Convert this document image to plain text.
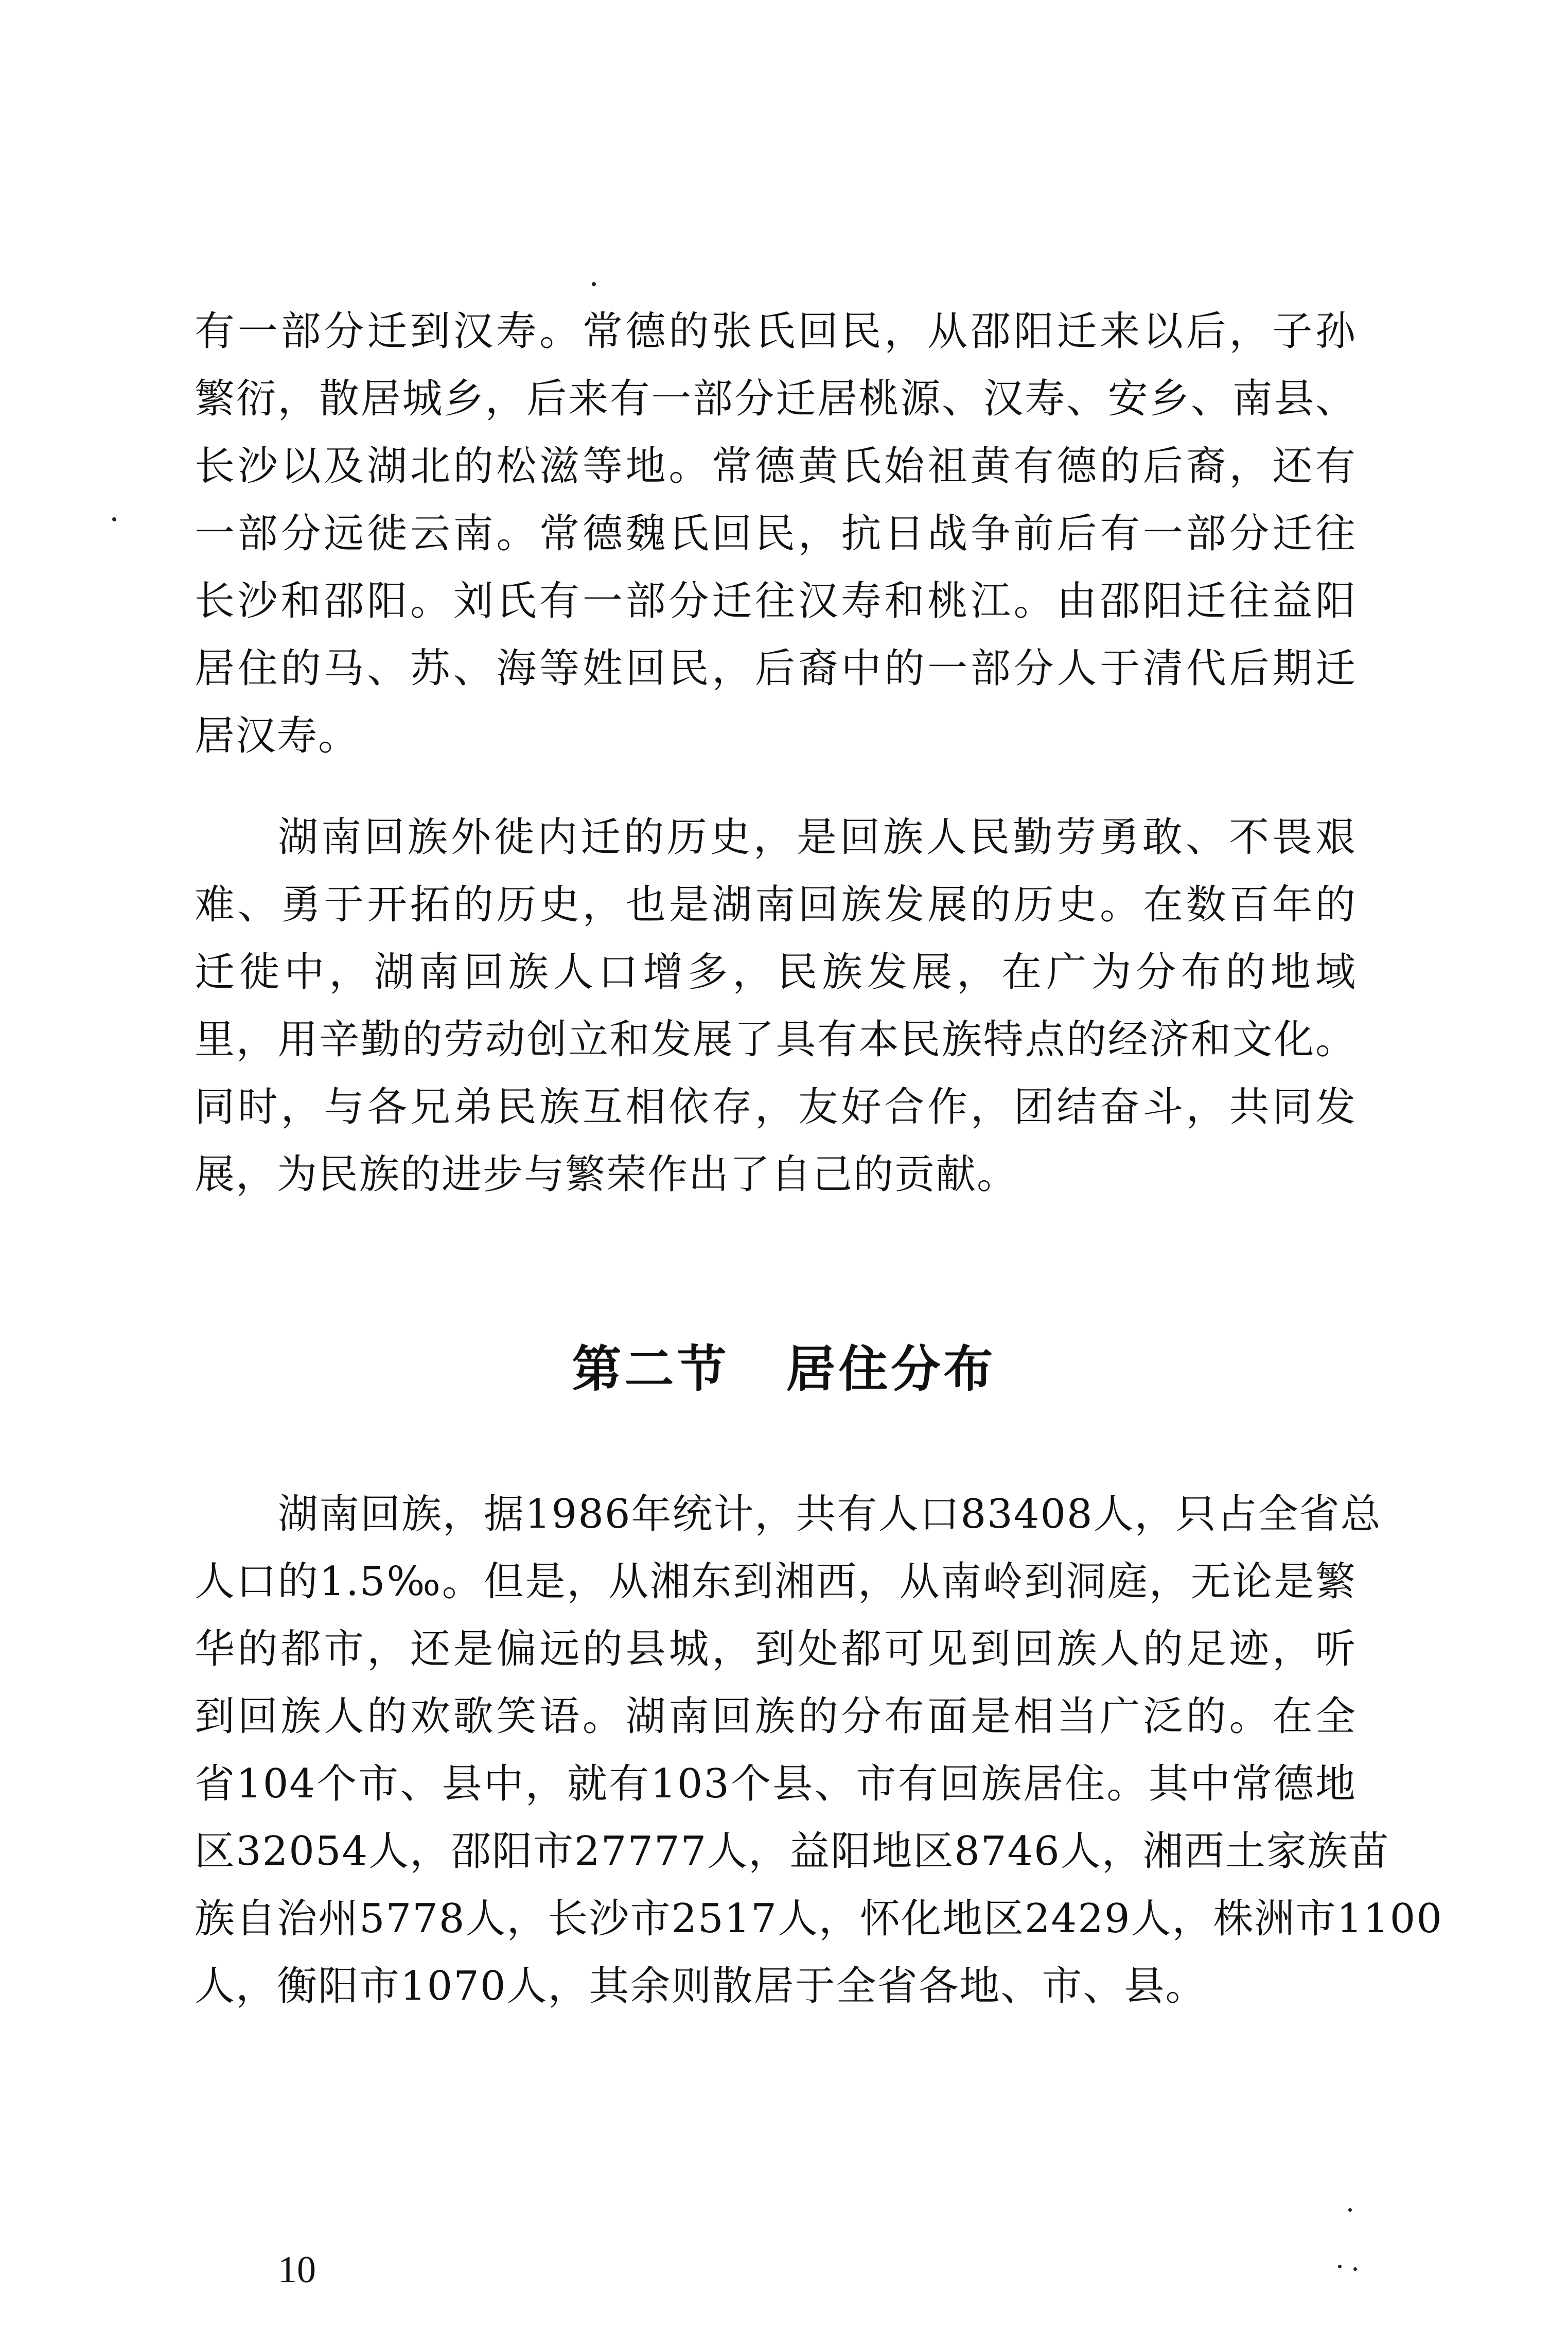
有一部分迁到汉寿。常德的张氏回民，从邵阳迁来以后，子孙
繁衍，散居城乡，后来有一部分迁居桃源、汉寿、安乡、南县、
长沙以及湖北的松滋等地。常德黄氏始祖黄有德的后裔，还有
一部分远徙云南。常德魏氏回民，抗日战争前后有一部分迁往
长沙和邵阳。刘氏有一部分迁往汉寿和桃江。由邵阳迁往益阳
居住的马、苏、海等姓回民，后裔中的一部分人于清代后期迁
居汉寿。
湖南回族外徙内迁的历史，是回族人民勤劳勇敢、不畏艰
难、勇于开拓的历史，也是湖南回族发展的历史。在数百年的
迁徙中，湖南回族人口增多，民族发展，在广为分布的地域
里，用辛勤的劳动创立和发展了具有本民族特点的经济和文化。
同时，与各兄弟民族互相依存，友好合作，团结奋斗，共同发
展，为民族的进步与繁荣作出了自己的贡献。
第二节 居住分布
湖南回族，据1986年统计，共有人口83408人，只占全省总
人口的1.5‰。但是，从湘东到湘西，从南岭到洞庭，无论是繁
华的都市，还是偏远的县城，到处都可见到回族人的足迹，听
到回族人的欢歌笑语。湖南回族的分布面是相当广泛的。在全
省104个市、县中，就有103个县、市有回族居住。其中常德地
区32054人，邵阳市27777人，益阳地区8746人，湘西土家族苗
族自治州5778人，长沙市2517人，怀化地区2429人，株洲市1100
人，衡阳市1070人，其余则散居于全省各地、市、县。
10
